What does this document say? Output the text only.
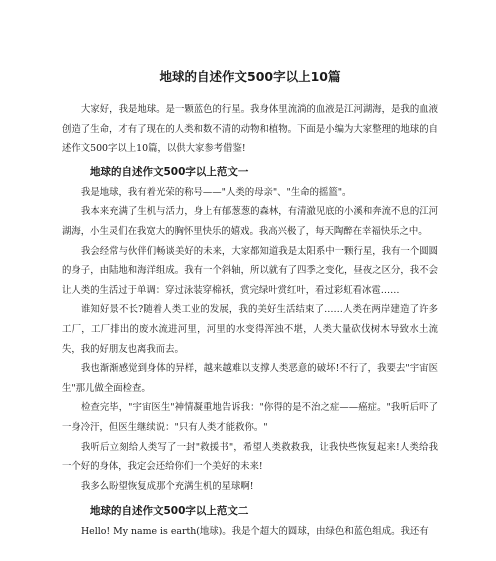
地球的自述作文500字以上10篇

大家好，我是地球。是一颗蓝色的行星。我身体里流淌的血液是江河湖海，是我的血液创造了生命，才有了现在的人类和数不清的动物和植物。下面是小编为大家整理的地球的自述作文500字以上10篇，以供大家参考借鉴!

地球的自述作文500字以上范文一

我是地球，我有着光荣的称号——"人类的母亲"、"生命的摇篮"。

我本来充满了生机与活力，身上有郁葱葱的森林，有清澈见底的小溪和奔流不息的江河湖海，小生灵们在我宽大的胸怀里快乐的嬉戏。我高兴极了，每天陶醉在幸福快乐之中。

我会经常与伙伴们畅谈美好的未来，大家都知道我是太阳系中一颗行星，我有一个圆圆的身子，由陆地和海洋组成。我有一个斜轴，所以就有了四季之变化，昼夜之区分，我不会让人类的生活过于单调：穿过泳装穿棉袄，赏完绿叶赏红叶，看过彩虹看冰雹……

谁知好景不长?随着人类工业的发展，我的美好生活结束了……人类在两岸建造了许多工厂，工厂排出的废水流进河里，河里的水变得浑浊不堪，人类大量砍伐树木导致水土流失，我的好朋友也离我而去。

我也渐渐感觉到身体的异样，越来越难以支撑人类恶意的破坏!不行了，我要去"宇宙医生"那儿做全面检查。

检查完毕，"宇宙医生"神情凝重地告诉我："你得的是不治之症——癌症。"我听后吓了一身冷汗，但医生继续说："只有人类才能救你。"

我听后立刻给人类写了一封"救援书"，希望人类救救我，让我快些恢复起来!人类给我一个好的身体，我定会还给你们一个美好的未来!

我多么盼望恢复成那个充满生机的星球啊!

地球的自述作文500字以上范文二

Hello! My name is earth(地球)。我是个超大的圆球，由绿色和蓝色组成。我还有
